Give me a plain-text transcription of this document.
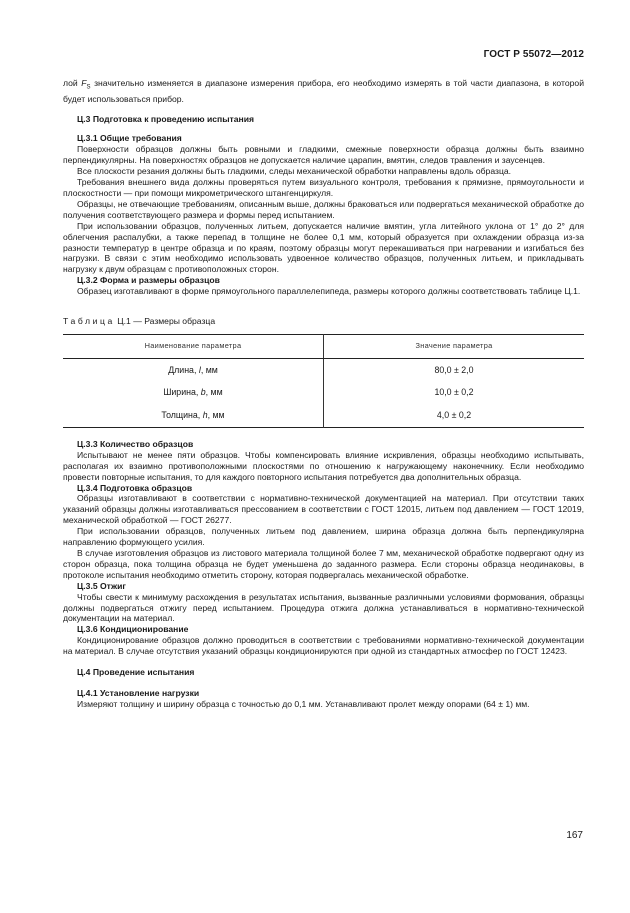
ГОСТ Р 55072—2012

лой $F_S$ значительно изменяется в диапазоне измерения прибора, его необходимо измерять в той части диапазона, в которой будет использоваться прибор.

Ц.3 Подготовка к проведению испытания

Ц.3.1 Общие требования

Поверхности образцов должны быть ровными и гладкими, смежные поверхности образца должны быть взаимно перпендикулярны. На поверхностях образцов не допускается наличие царапин, вмятин, следов травления и заусенцев.

Все плоскости резания должны быть гладкими, следы механической обработки направлены вдоль образца.

Требования внешнего вида должны проверяться путем визуального контроля, требования к прямизне, прямоугольности и плоскостности — при помощи микрометрического штангенциркуля.

Образцы, не отвечающие требованиям, описанным выше, должны браковаться или подвергаться механической обработке до получения соответствующего размера и формы перед испытанием.

При использовании образцов, полученных литьем, допускается наличие вмятин, угла литейного уклона от 1° до 2° для облегчения распалубки, а также перепад в толщине не более 0,1 мм, который образуется при охлаждении образца из-за разности температур в центре образца и по краям, поэтому образцы могут перекашиваться при нагревании и изгибаться без нагрузки. В связи с этим необходимо использовать удвоенное количество образцов, полученных литьем, и прикладывать нагрузку к двум образцам с противоположных сторон.

Ц.3.2 Форма и размеры образцов

Образец изготавливают в форме прямоугольного параллелепипеда, размеры которого должны соответствовать таблице Ц.1.

Таблица Ц.1 — Размеры образца

Наименование параметра	Значение параметра
Длина, l, мм	80,0 ± 2,0
Ширина, b, мм	10,0 ± 0,2
Толщина, h, мм	4,0 ± 0,2

Ц.3.3 Количество образцов

Испытывают не менее пяти образцов. Чтобы компенсировать влияние искривления, образцы необходимо испытывать, располагая их взаимно противоположными плоскостями по отношению к нагружающему наконечнику. Если необходимо провести повторные испытания, то для каждого повторного испытания потребуется два дополнительных образца.

Ц.3.4 Подготовка образцов

Образцы изготавливают в соответствии с нормативно-технической документацией на материал. При отсутствии таких указаний образцы должны изготавливаться прессованием в соответствии с ГОСТ 12015, литьем под давлением — ГОСТ 12019, механической обработкой — ГОСТ 26277.

При использовании образцов, полученных литьем под давлением, ширина образца должна быть перпендикулярна направлению формующего усилия.

В случае изготовления образцов из листового материала толщиной более 7 мм, механической обработке подвергают одну из сторон образца, пока толщина образца не будет уменьшена до заданного размера. Если стороны образца неодинаковы, в протоколе испытания необходимо отметить сторону, которая подвергалась механической обработке.

Ц.3.5 Отжиг

Чтобы свести к минимуму расхождения в результатах испытания, вызванные различными условиями формования, образцы должны подвергаться отжигу перед испытанием. Процедура отжига должна устанавливаться в нормативно-технической документации на материал.

Ц.3.6 Кондиционирование

Кондиционирование образцов должно проводиться в соответствии с требованиями нормативно-технической документации на материал. В случае отсутствия указаний образцы кондиционируются при одной из стандартных атмосфер по ГОСТ 12423.

Ц.4 Проведение испытания

Ц.4.1 Установление нагрузки

Измеряют толщину и ширину образца с точностью до 0,1 мм. Устанавливают пролет между опорами (64 ± 1) мм.

167
